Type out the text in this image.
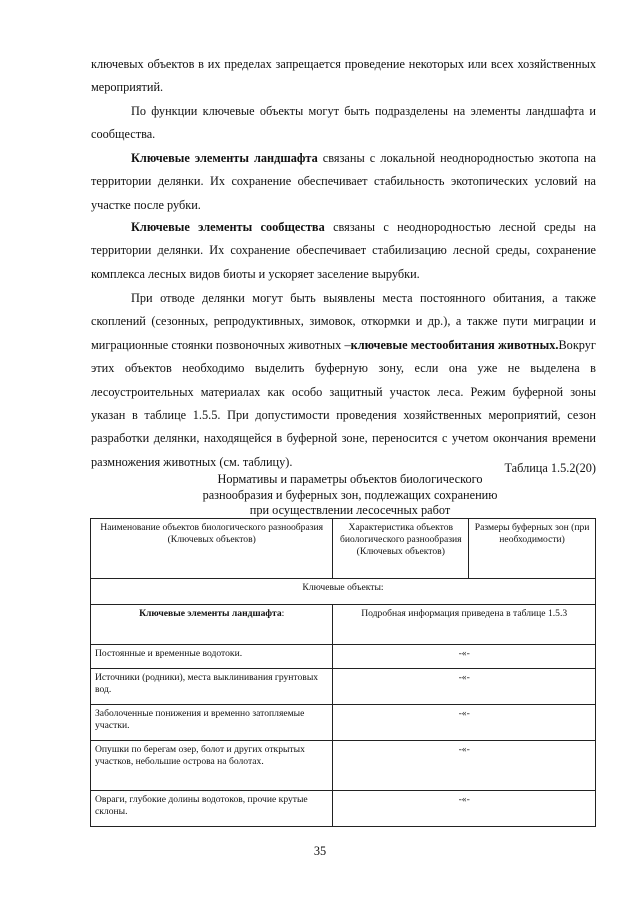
ключевых объектов в их пределах запрещается проведение некоторых или всех хозяйственных мероприятий.

По функции ключевые объекты могут быть подразделены на элементы ландшафта и сообщества.

Ключевые элементы ландшафта связаны с локальной неоднородностью экотопа на территории делянки. Их сохранение обеспечивает стабильность экотопических условий на участке после рубки.

Ключевые элементы сообщества связаны с неоднородностью лесной среды на территории делянки. Их сохранение обеспечивает стабилизацию лесной среды, сохранение комплекса лесных видов биоты и ускоряет заселение вырубки.

При отводе делянки могут быть выявлены места постоянного обитания, а также скоплений (сезонных, репродуктивных, зимовок, откормки и др.), а также пути миграции и миграционные стоянки позвоночных животных –ключевые местообитания животных.Вокруг этих объектов необходимо выделить буферную зону, если она уже не выделена в лесоустроительных материалах как особо защитный участок леса. Режим буферной зоны указан в таблице 1.5.5. При допустимости проведения хозяйственных мероприятий, сезон разработки делянки, находящейся в буферной зоне, переносится с учетом окончания времени размножения животных (см. таблицу).	Таблица 1.5.2(20)
Нормативы и параметры объектов биологического
разнообразия и буферных зон, подлежащих сохранению
при осуществлении лесосечных работ
Наименование объектов биологического разнообразия (Ключевых объектов)	Характеристика объектов биологического разнообразия (Ключевых объектов)	Размеры буферных зон (при необходимости)
Ключевые объекты:		
Ключевые элементы ландшафта:	Подробная информация приведена в таблице 1.5.3	
Постоянные и временные водотоки.	-«-	
Источники (родники), места выклинивания грунтовых вод.	-«-	
Заболоченные понижения и временно затопляемые участки.	-«-	
Опушки по берегам озер, болот и других открытых участков, небольшие острова на болотах.	-«-	
Овраги, глубокие долины водотоков, прочие крутые склоны.	-«-	
35
